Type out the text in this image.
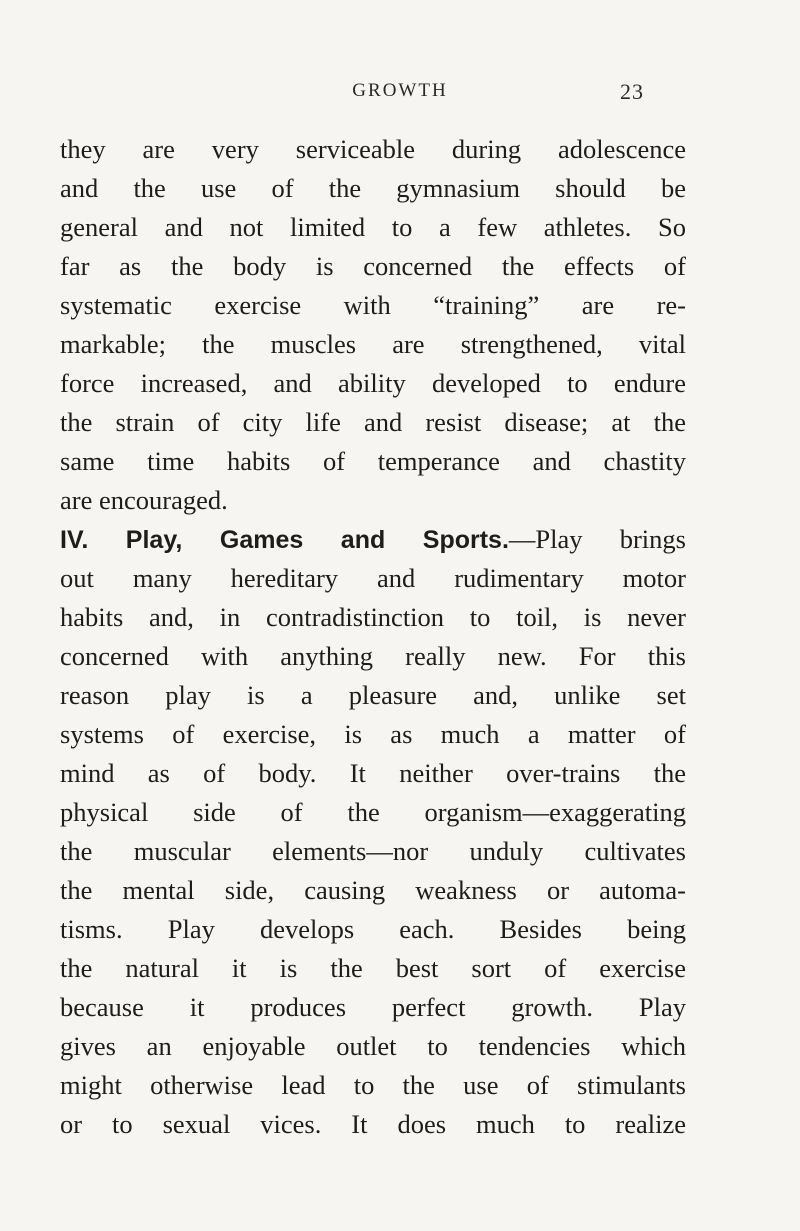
GROWTH	23
they are very serviceable during adolescence
and the use of the gymnasium should be
general and not limited to a few athletes. So
far as the body is concerned the effects of
systematic exercise with “training” are re-
markable; the muscles are strengthened, vital
force increased, and ability developed to endure
the strain of city life and resist disease; at the
same time habits of temperance and chastity
are encouraged.
IV. Play, Games and Sports.—Play brings
out many hereditary and rudimentary motor
habits and, in contradistinction to toil, is never
concerned with anything really new. For this
reason play is a pleasure and, unlike set
systems of exercise, is as much a matter of
mind as of body. It neither over-trains the
physical side of the organism—exaggerating
the muscular elements—nor unduly cultivates
the mental side, causing weakness or automa-
tisms. Play develops each. Besides being
the natural it is the best sort of exercise
because it produces perfect growth. Play
gives an enjoyable outlet to tendencies which
might otherwise lead to the use of stimulants
or to sexual vices. It does much to realize
